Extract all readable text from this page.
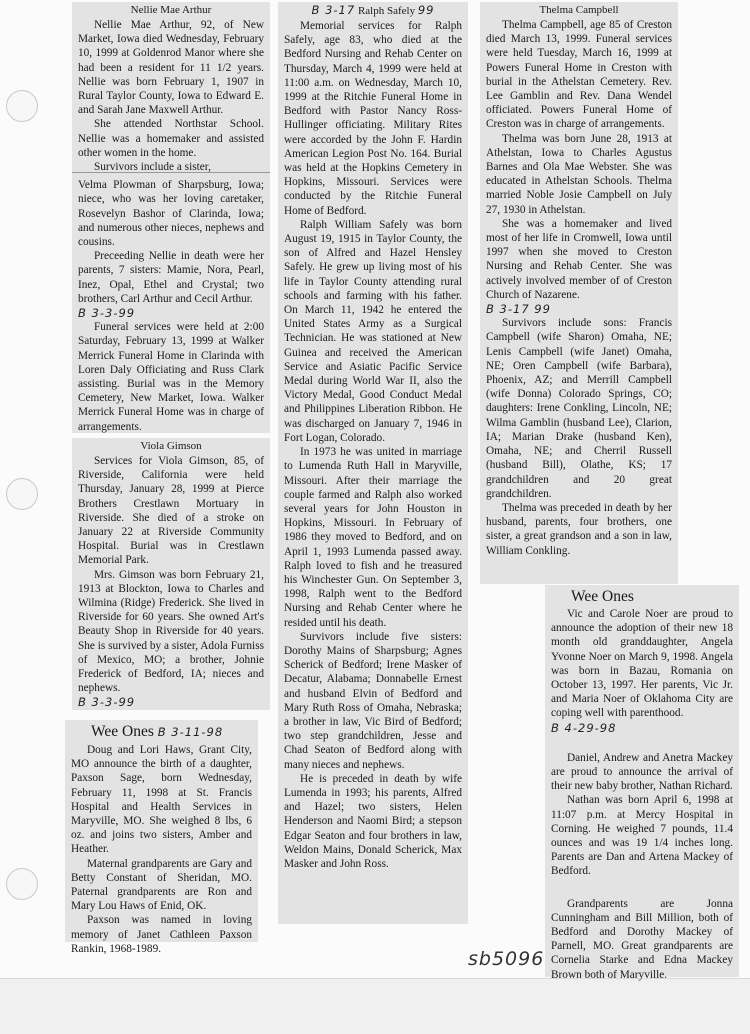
Nellie Mae Arthur

Nellie Mae Arthur, 92, of New Market, Iowa died Wednesday, February 10, 1999 at Goldenrod Manor where she had been a resident for 11 1/2 years. Nellie was born February 1, 1907 in Rural Taylor County, Iowa to Edward E. and Sarah Jane Maxwell Arthur.

She attended Northstar School. Nellie was a homemaker and assisted other women in the home.

Survivors include a sister,

Velma Plowman of Sharpsburg, Iowa; niece, who was her loving caretaker, Rosevelyn Bashor of Clarinda, Iowa; and numerous other nieces, nephews and cousins.

Preceeding Nellie in death were her parents, 7 sisters: Mamie, Nora, Pearl, Inez, Opal, Ethel and Crystal; two brothers, Carl Arthur and Cecil Arthur.

B 3-3-99

Funeral services were held at 2:00 Saturday, February 13, 1999 at Walker Merrick Funeral Home in Clarinda with Loren Daly Officiating and Russ Clark assisting. Burial was in the Memory Cemetery, New Market, Iowa. Walker Merrick Funeral Home was in charge of arrangements.

Viola Gimson

Services for Viola Gimson, 85, of Riverside, California were held Thursday, January 28, 1999 at Pierce Brothers Crestlawn Mortuary in Riverside. She died of a stroke on January 22 at Riverside Community Hospital. Burial was in Crestlawn Memorial Park.

Mrs. Gimson was born February 21, 1913 at Blockton, Iowa to Charles and Wilmina (Ridge) Frederick. She lived in Riverside for 60 years. She owned Art's Beauty Shop in Riverside for 40 years. She is survived by a sister, Adola Furniss of Mexico, MO; a brother, Johnie Frederick of Bedford, IA; nieces and nephews.

B 3-3-99

Wee Ones B 3-11-98

Doug and Lori Haws, Grant City, MO announce the birth of a daughter, Paxson Sage, born Wednesday, February 11, 1998 at St. Francis Hospital and Health Services in Maryville, MO. She weighed 8 lbs, 6 oz. and joins two sisters, Amber and Heather.

Maternal grandparents are Gary and Betty Constant of Sheridan, MO. Paternal grandparents are Ron and Mary Lou Haws of Enid, OK.

Paxson was named in loving memory of Janet Cathleen Paxson Rankin, 1968-1989.

B 3-17 Ralph Safely 99

Memorial services for Ralph Safely, age 83, who died at the Bedford Nursing and Rehab Center on Thursday, March 4, 1999 were held at 11:00 a.m. on Wednesday, March 10, 1999 at the Ritchie Funeral Home in Bedford with Pastor Nancy Ross-Hullinger officiating. Military Rites were accorded by the John F. Hardin American Legion Post No. 164. Burial was held at the Hopkins Cemetery in Hopkins, Missouri. Services were conducted by the Ritchie Funeral Home of Bedford.

Ralph William Safely was born August 19, 1915 in Taylor County, the son of Alfred and Hazel Hensley Safely. He grew up living most of his life in Taylor County attending rural schools and farming with his father. On March 11, 1942 he entered the United States Army as a Surgical Technician. He was stationed at New Guinea and received the American Service and Asiatic Pacific Service Medal during World War II, also the Victory Medal, Good Conduct Medal and Philippines Liberation Ribbon. He was discharged on January 7, 1946 in Fort Logan, Colorado.

In 1973 he was united in marriage to Lumenda Ruth Hall in Maryville, Missouri. After their marriage the couple farmed and Ralph also worked several years for John Houston in Hopkins, Missouri. In February of 1986 they moved to Bedford, and on April 1, 1993 Lumenda passed away. Ralph loved to fish and he treasured his Winchester Gun. On September 3, 1998, Ralph went to the Bedford Nursing and Rehab Center where he resided until his death.

Survivors include five sisters: Dorothy Mains of Sharpsburg; Agnes Scherick of Bedford; Irene Masker of Decatur, Alabama; Donnabelle Ernest and husband Elvin of Bedford and Mary Ruth Ross of Omaha, Nebraska; a brother in law, Vic Bird of Bedford; two step grandchildren, Jesse and Chad Seaton of Bedford along with many nieces and nephews.

He is preceded in death by wife Lumenda in 1993; his parents, Alfred and Hazel; two sisters, Helen Henderson and Naomi Bird; a stepson Edgar Seaton and four brothers in law, Weldon Mains, Donald Scherick, Max Masker and John Ross.

Thelma Campbell

Thelma Campbell, age 85 of Creston died March 13, 1999. Funeral services were held Tuesday, March 16, 1999 at Powers Funeral Home in Creston with burial in the Athelstan Cemetery. Rev. Lee Gamblin and Rev. Dana Wendel officiated. Powers Funeral Home of Creston was in charge of arrangements.

Thelma was born June 28, 1913 at Athelstan, Iowa to Charles Agustus Barnes and Ola Mae Webster. She was educated in Athelstan Schools. Thelma married Noble Josie Campbell on July 27, 1930 in Athelstan.

She was a homemaker and lived most of her life in Cromwell, Iowa until 1997 when she moved to Creston Nursing and Rehab Center. She was actively involved member of of Creston Church of Nazarene.

B 3-17 99

Survivors include sons: Francis Campbell (wife Sharon) Omaha, NE; Lenis Campbell (wife Janet) Omaha, NE; Oren Campbell (wife Barbara), Phoenix, AZ; and Merrill Campbell (wife Donna) Colorado Springs, CO; daughters: Irene Conkling, Lincoln, NE; Wilma Gamblin (husband Lee), Clarion, IA; Marian Drake (husband Ken), Omaha, NE; and Cherril Russell (husband Bill), Olathe, KS; 17 grandchildren and 20 great grandchildren.

Thelma was preceded in death by her husband, parents, four brothers, one sister, a great grandson and a son in law, William Conkling.

Wee Ones

Vic and Carole Noer are proud to announce the adoption of their new 18 month old granddaughter, Angela Yvonne Noer on March 9, 1998. Angela was born in Bazau, Romania on October 13, 1997. Her parents, Vic Jr. and Maria Noer of Oklahoma City are coping well with parenthood.

B 4-29-98

Daniel, Andrew and Anetra Mackey are proud to announce the arrival of their new baby brother, Nathan Richard.

Nathan was born April 6, 1998 at 11:07 p.m. at Mercy Hospital in Corning. He weighed 7 pounds, 11.4 ounces and was 19 1/4 inches long. Parents are Dan and Artena Mackey of Bedford.

Grandparents are Jonna Cunningham and Bill Million, both of Bedford and Dorothy Mackey of Parnell, MO. Great grandparents are Cornelia Starke and Edna Mackey Brown both of Maryville.

sb5096
